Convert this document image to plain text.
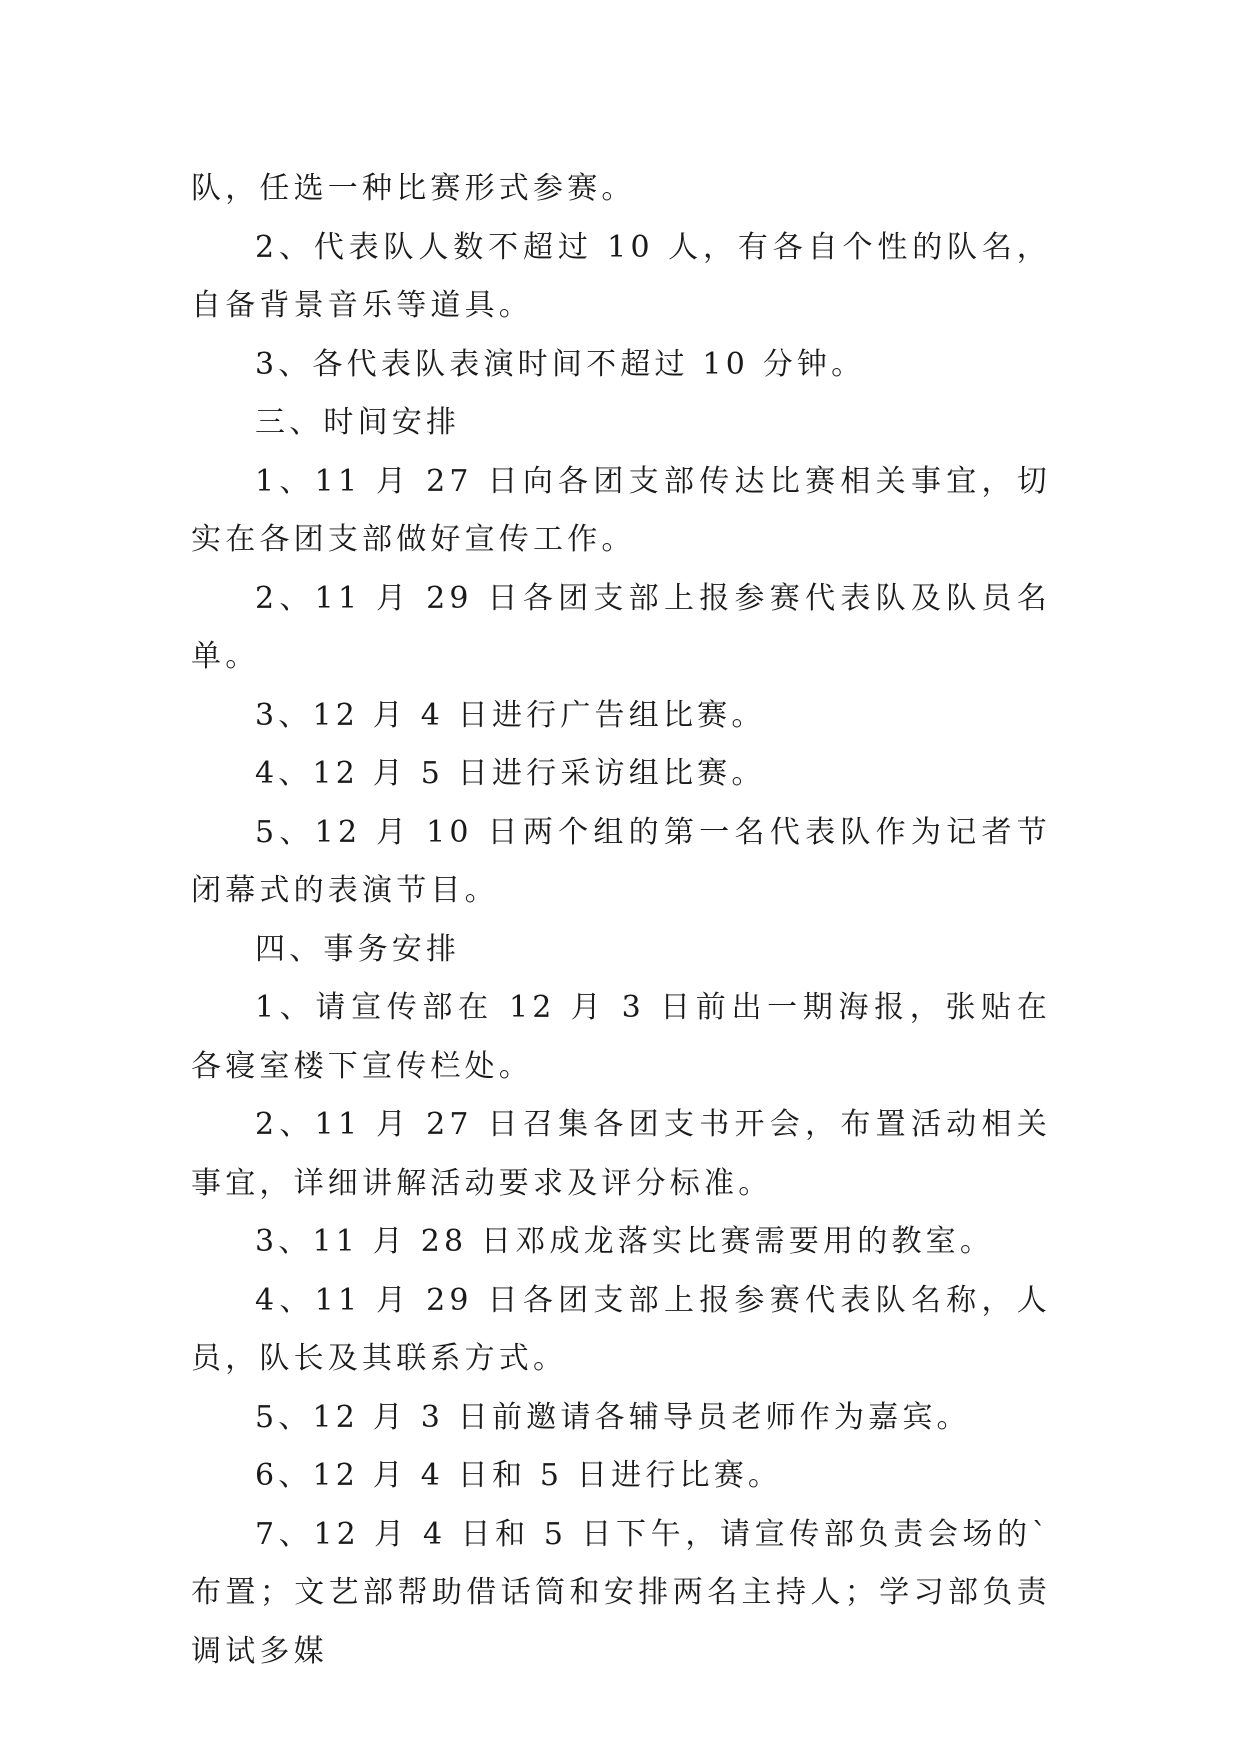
队，任选一种比赛形式参赛。

2、代表队人数不超过 10 人，有各自个性的队名，自备背景音乐等道具。

3、各代表队表演时间不超过 10 分钟。

三、时间安排

1、11 月 27 日向各团支部传达比赛相关事宜，切实在各团支部做好宣传工作。

2、11 月 29 日各团支部上报参赛代表队及队员名单。

3、12 月 4 日进行广告组比赛。

4、12 月 5 日进行采访组比赛。

5、12 月 10 日两个组的第一名代表队作为记者节闭幕式的表演节目。

四、事务安排

1、请宣传部在 12 月 3 日前出一期海报，张贴在各寝室楼下宣传栏处。

2、11 月 27 日召集各团支书开会，布置活动相关事宜，详细讲解活动要求及评分标准。

3、11 月 28 日邓成龙落实比赛需要用的教室。

4、11 月 29 日各团支部上报参赛代表队名称，人员，队长及其联系方式。

5、12 月 3 日前邀请各辅导员老师作为嘉宾。

6、12 月 4 日和 5 日进行比赛。

7、12 月 4 日和 5 日下午，请宣传部负责会场的`布置；文艺部帮助借话筒和安排两名主持人；学习部负责调试多媒
